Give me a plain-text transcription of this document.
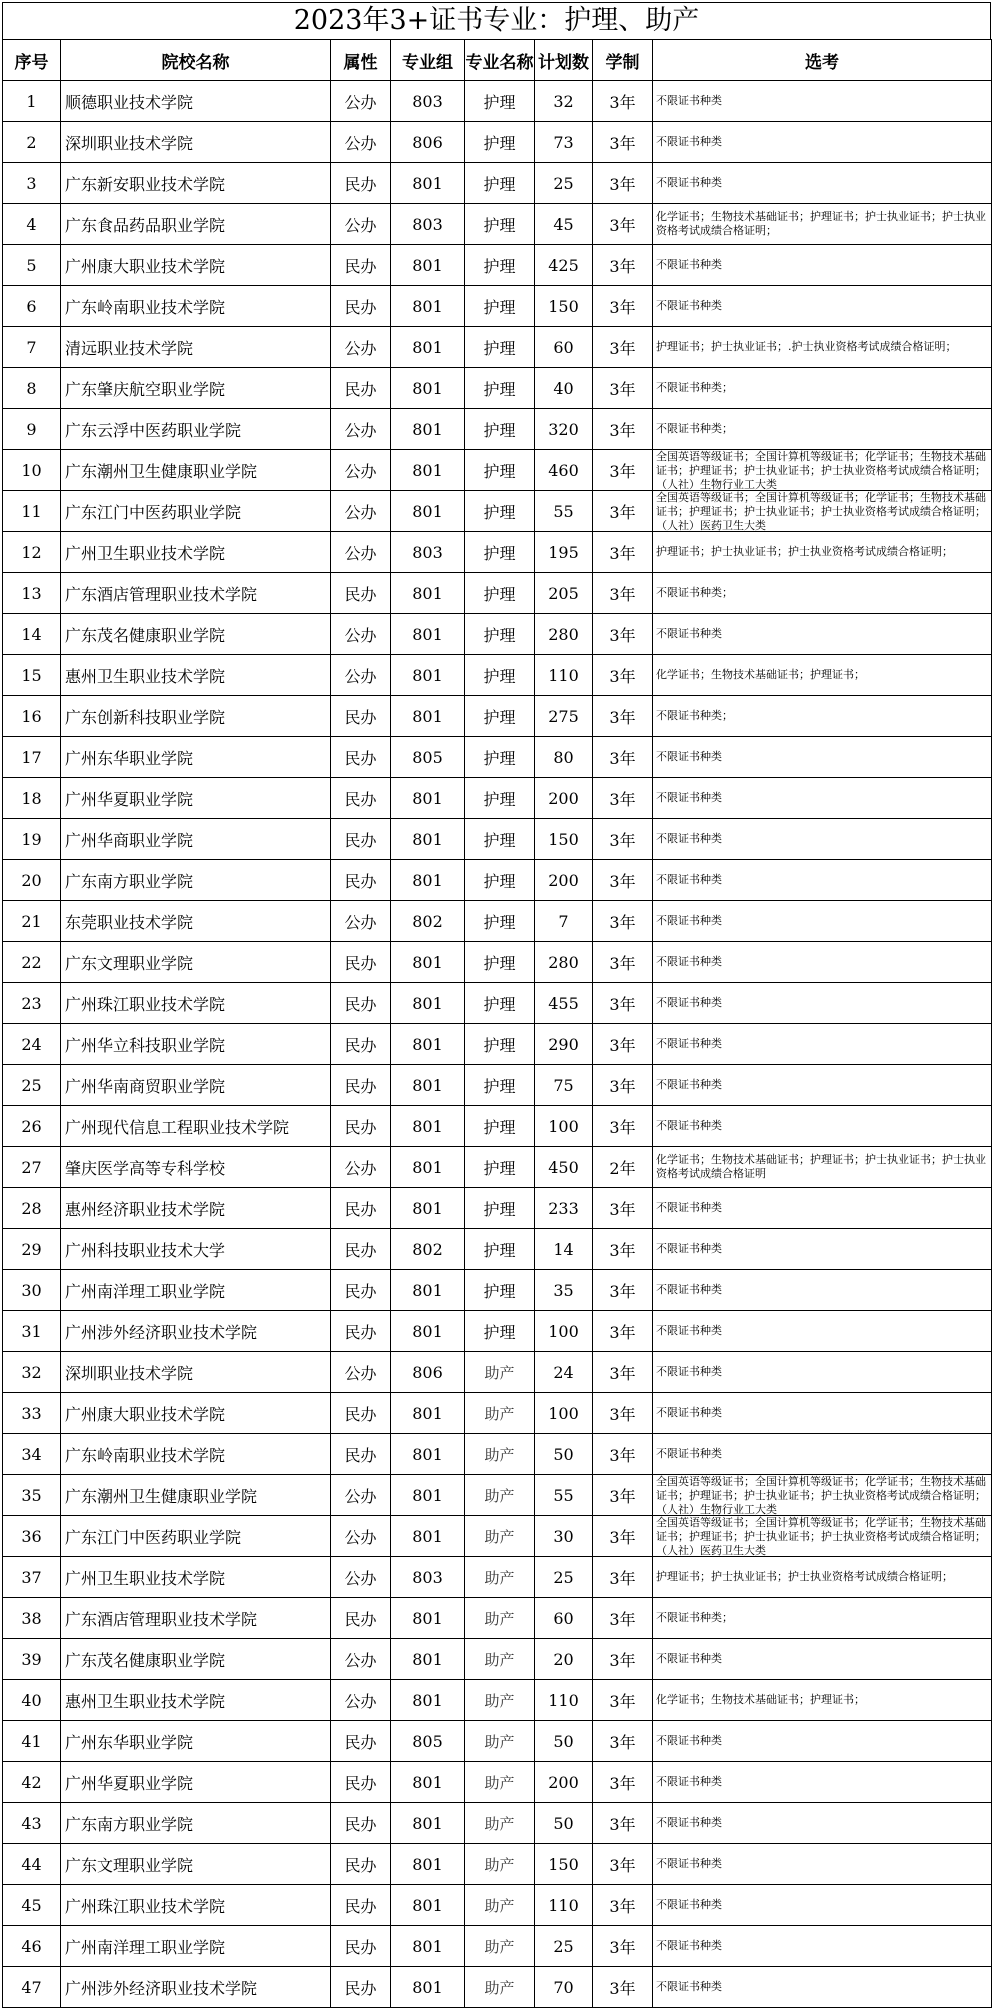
2023年3+证书专业：护理、助产
序号	院校名称	属性	专业组	专业名称	计划数	学制	选考
1	顺德职业技术学院	公办	803	护理	32	3年	不限证书种类

2	深圳职业技术学院	公办	806	护理	73	3年	不限证书种类

3	广东新安职业技术学院	民办	801	护理	25	3年	不限证书种类

4	广东食品药品职业学院	公办	803	护理	45	3年	化学证书；生物技术基础证书；护理证书；护士执业证书；护士执业资格考试成绩合格证明；

5	广州康大职业技术学院	民办	801	护理	425	3年	不限证书种类

6	广东岭南职业技术学院	民办	801	护理	150	3年	不限证书种类

7	清远职业技术学院	公办	801	护理	60	3年	护理证书；护士执业证书；.护士执业资格考试成绩合格证明；

8	广东肇庆航空职业学院	民办	801	护理	40	3年	不限证书种类；

9	广东云浮中医药职业学院	公办	801	护理	320	3年	不限证书种类；

10	广东潮州卫生健康职业学院	公办	801	护理	460	3年	全国英语等级证书；全国计算机等级证书；化学证书；生物技术基础证书；护理证书；护士执业证书；护士执业资格考试成绩合格证明；（人社）生物行业工大类

11	广东江门中医药职业学院	公办	801	护理	55	3年	全国英语等级证书；全国计算机等级证书；化学证书；生物技术基础证书；护理证书；护士执业证书；护士执业资格考试成绩合格证明；（人社）医药卫生大类

12	广州卫生职业技术学院	公办	803	护理	195	3年	护理证书；护士执业证书；护士执业资格考试成绩合格证明；

13	广东酒店管理职业技术学院	民办	801	护理	205	3年	不限证书种类；

14	广东茂名健康职业学院	公办	801	护理	280	3年	不限证书种类

15	惠州卫生职业技术学院	公办	801	护理	110	3年	化学证书；生物技术基础证书；护理证书；

16	广东创新科技职业学院	民办	801	护理	275	3年	不限证书种类；

17	广州东华职业学院	民办	805	护理	80	3年	不限证书种类

18	广州华夏职业学院	民办	801	护理	200	3年	不限证书种类

19	广州华商职业学院	民办	801	护理	150	3年	不限证书种类

20	广东南方职业学院	民办	801	护理	200	3年	不限证书种类

21	东莞职业技术学院	公办	802	护理	7	3年	不限证书种类

22	广东文理职业学院	民办	801	护理	280	3年	不限证书种类

23	广州珠江职业技术学院	民办	801	护理	455	3年	不限证书种类

24	广州华立科技职业学院	民办	801	护理	290	3年	不限证书种类

25	广州华南商贸职业学院	民办	801	护理	75	3年	不限证书种类

26	广州现代信息工程职业技术学院	民办	801	护理	100	3年	不限证书种类

27	肇庆医学高等专科学校	公办	801	护理	450	2年	化学证书；生物技术基础证书；护理证书；护士执业证书；护士执业资格考试成绩合格证明

28	惠州经济职业技术学院	民办	801	护理	233	3年	不限证书种类

29	广州科技职业技术大学	民办	802	护理	14	3年	不限证书种类

30	广州南洋理工职业学院	民办	801	护理	35	3年	不限证书种类

31	广州涉外经济职业技术学院	民办	801	护理	100	3年	不限证书种类

32	深圳职业技术学院	公办	806	助产	24	3年	不限证书种类

33	广州康大职业技术学院	民办	801	助产	100	3年	不限证书种类

34	广东岭南职业技术学院	民办	801	助产	50	3年	不限证书种类

35	广东潮州卫生健康职业学院	公办	801	助产	55	3年	全国英语等级证书；全国计算机等级证书；化学证书；生物技术基础证书；护理证书；护士执业证书；护士执业资格考试成绩合格证明；（人社）生物行业工大类

36	广东江门中医药职业学院	公办	801	助产	30	3年	全国英语等级证书；全国计算机等级证书；化学证书；生物技术基础证书；护理证书；护士执业证书；护士执业资格考试成绩合格证明；（人社）医药卫生大类

37	广州卫生职业技术学院	公办	803	助产	25	3年	护理证书；护士执业证书；护士执业资格考试成绩合格证明；

38	广东酒店管理职业技术学院	民办	801	助产	60	3年	不限证书种类；

39	广东茂名健康职业学院	公办	801	助产	20	3年	不限证书种类

40	惠州卫生职业技术学院	公办	801	助产	110	3年	化学证书；生物技术基础证书；护理证书；

41	广州东华职业学院	民办	805	助产	50	3年	不限证书种类

42	广州华夏职业学院	民办	801	助产	200	3年	不限证书种类

43	广东南方职业学院	民办	801	助产	50	3年	不限证书种类

44	广东文理职业学院	民办	801	助产	150	3年	不限证书种类

45	广州珠江职业技术学院	民办	801	助产	110	3年	不限证书种类

46	广州南洋理工职业学院	民办	801	助产	25	3年	不限证书种类

47	广州涉外经济职业技术学院	民办	801	助产	70	3年	不限证书种类
